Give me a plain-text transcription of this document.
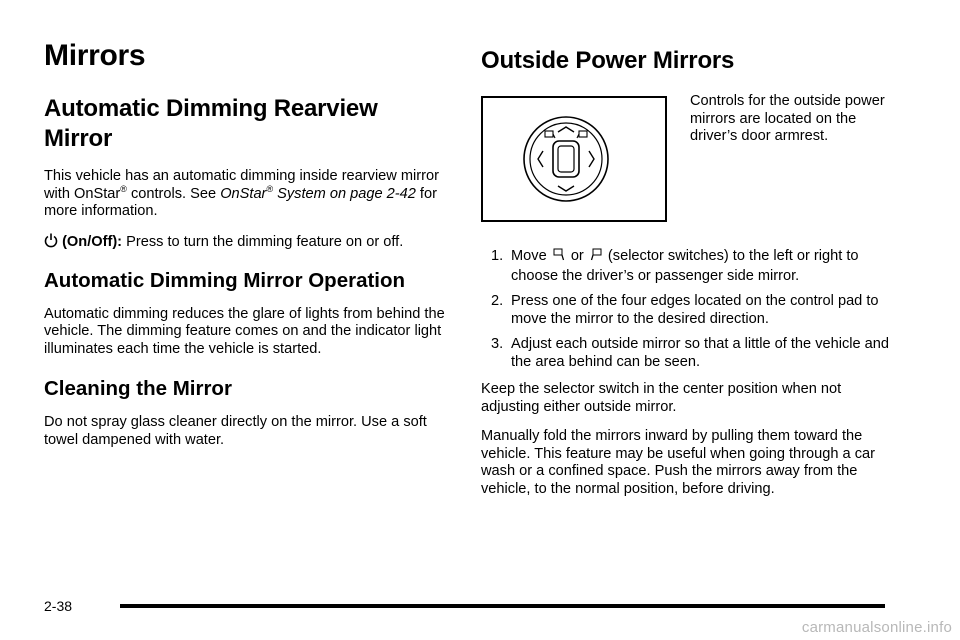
Mirrors
Automatic Dimming Rearview Mirror

This vehicle has an automatic dimming inside rearview mirror with OnStar® controls. See OnStar® System on page 2-42 for more information.

(On/Off): Press to turn the dimming feature on or off.

Automatic Dimming Mirror Operation

Automatic dimming reduces the glare of lights from behind the vehicle. The dimming feature comes on and the indicator light illuminates each time the vehicle is started.

Cleaning the Mirror

Do not spray glass cleaner directly on the mirror. Use a soft towel dampened with water.

Outside Power Mirrors

Controls for the outside power mirrors are located on the driver’s door armrest.

1. Move or (selector switches) to the left or right to choose the driver’s or passenger side mirror.
2. Press one of the four edges located on the control pad to move the mirror to the desired direction.
3. Adjust each outside mirror so that a little of the vehicle and the area behind can be seen.

Keep the selector switch in the center position when not adjusting either outside mirror.

Manually fold the mirrors inward by pulling them toward the vehicle. This feature may be useful when going through a car wash or a confined space. Push the mirrors away from the vehicle, to the normal position, before driving.

2-38
carmanualsonline.info
